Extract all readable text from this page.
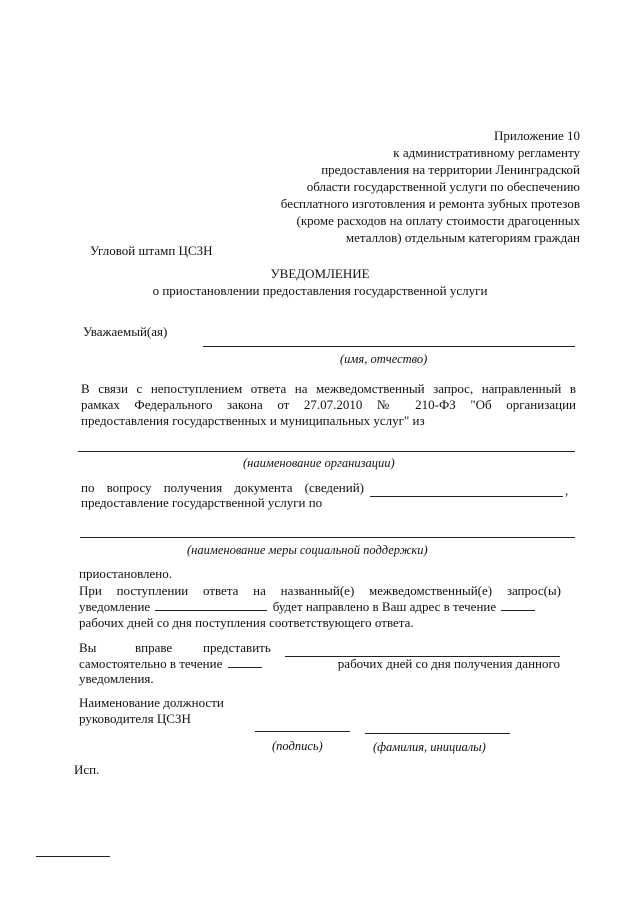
Приложение 10
к административному регламенту
предоставления на территории Ленинградской
области государственной услуги по обеспечению
бесплатного изготовления и ремонта зубных протезов
(кроме расходов на оплату стоимости драгоценных
металлов) отдельным категориям граждан
Угловой штамп ЦСЗН
УВЕДОМЛЕНИЕ
о приостановлении предоставления государственной услуги
Уважаемый(ая)
(имя, отчество)
В связи с непоступлением ответа на межведомственный запрос, направленный в
рамках Федерального закона от 27.07.2010 № 210-ФЗ "Об организации
предоставления государственных и муниципальных услуг" из
(наименование организации)
по вопросу получения документа (сведений)	,
предоставление государственной услуги по
(наименование меры социальной поддержки)
приостановлено.
При поступлении ответа на названный(е) межведомственный(е) запрос(ы)
уведомление	будет направлено в Ваш адрес в течение
рабочих дней со дня поступления соответствующего ответа.
Вы	вправе представить
самостоятельно в течение	рабочих дней со дня получения данного
уведомления.
Наименование должности
руководителя ЦСЗН
(подпись)	(фамилия, инициалы)
Исп.
